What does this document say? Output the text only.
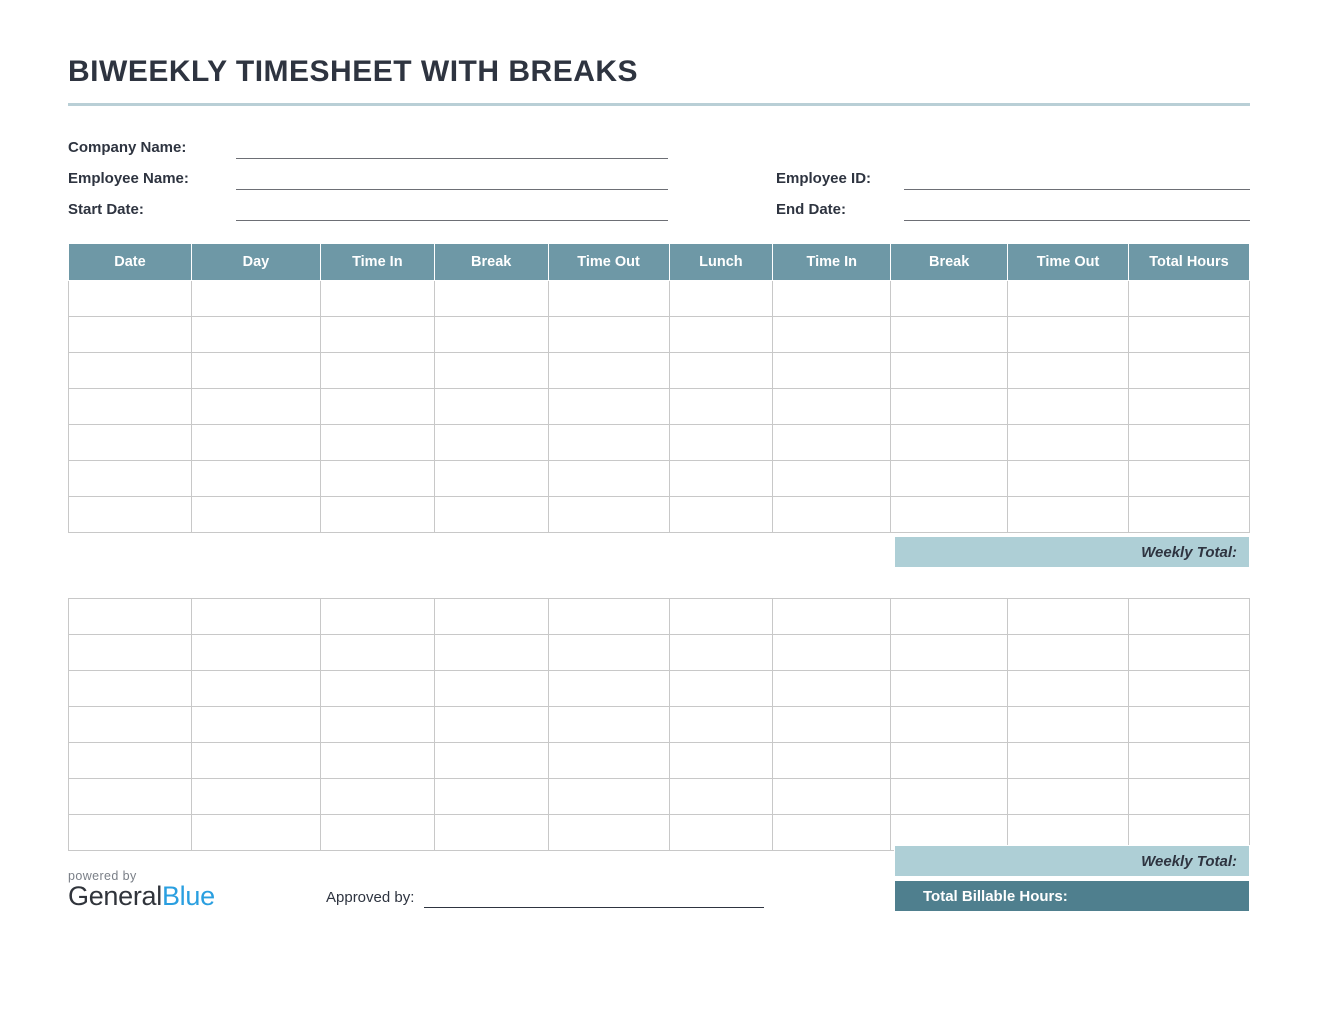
BIWEEKLY TIMESHEET WITH BREAKS
Company Name:
Employee Name:
Start Date:
Employee ID:
End Date:
Date	Day	Time In	Break	Time Out	Lunch	Time In	Break	Time Out	Total Hours

Weekly Total:

powered by
GeneralBlue	Approved by:
Weekly Total:
Total Billable Hours:
